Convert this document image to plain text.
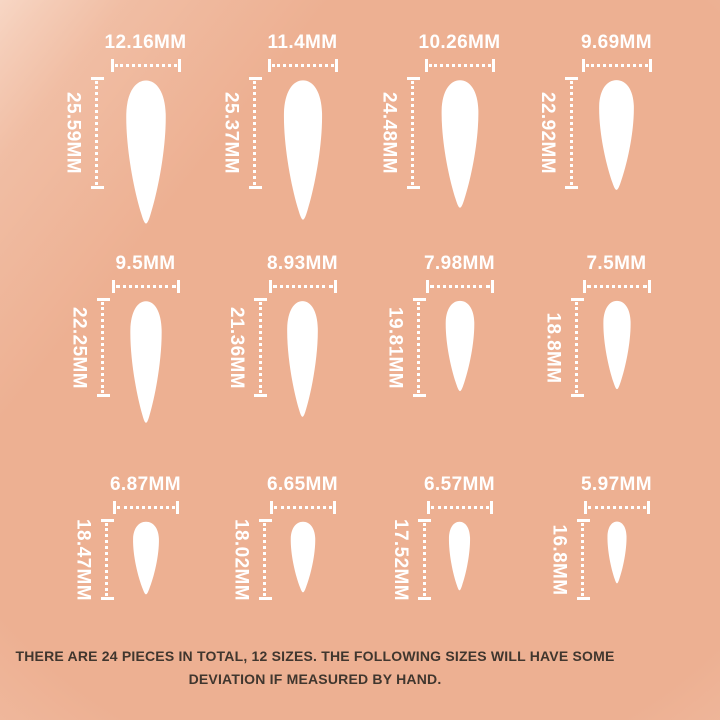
12.16MM
25.59MM
11.4MM
25.37MM
10.26MM
24.48MM
9.69MM
22.92MM
9.5MM
22.25MM
8.93MM
21.36MM
7.98MM
19.81MM
7.5MM
18.8MM
6.87MM
18.47MM
6.65MM
18.02MM
6.57MM
17.52MM
5.97MM
16.8MM
THERE ARE 24 PIECES IN TOTAL, 12 SIZES. THE FOLLOWING SIZES WILL HAVE SOME DEVIATION IF MEASURED BY HAND.
